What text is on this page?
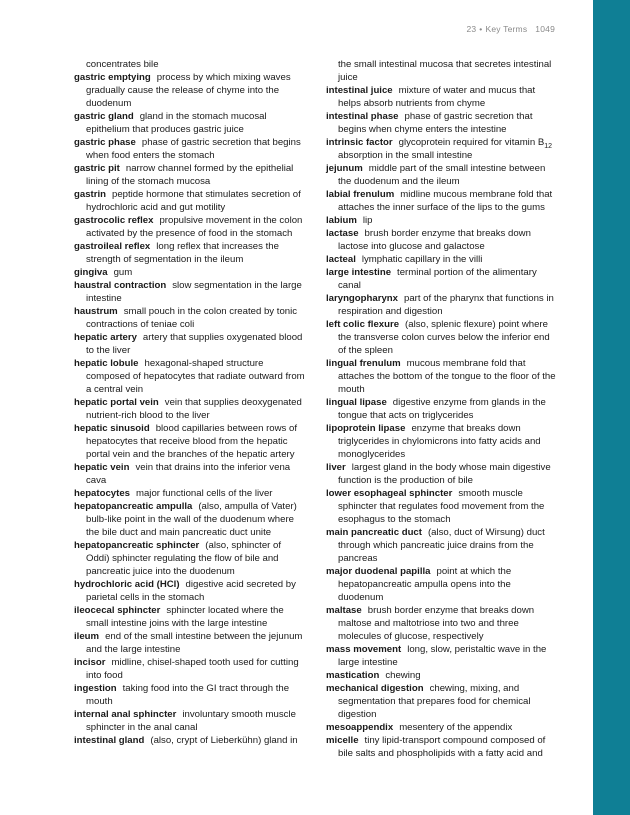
23 • Key Terms 1049

concentrates bile

gastric emptying process by which mixing waves gradually cause the release of chyme into the duodenum

gastric gland gland in the stomach mucosal epithelium that produces gastric juice

gastric phase phase of gastric secretion that begins when food enters the stomach

gastric pit narrow channel formed by the epithelial lining of the stomach mucosa

gastrin peptide hormone that stimulates secretion of hydrochloric acid and gut motility

gastrocolic reflex propulsive movement in the colon activated by the presence of food in the stomach

gastroileal reflex long reflex that increases the strength of segmentation in the ileum

gingiva gum

haustral contraction slow segmentation in the large intestine

haustrum small pouch in the colon created by tonic contractions of teniae coli

hepatic artery artery that supplies oxygenated blood to the liver

hepatic lobule hexagonal-shaped structure composed of hepatocytes that radiate outward from a central vein

hepatic portal vein vein that supplies deoxygenated nutrient-rich blood to the liver

hepatic sinusoid blood capillaries between rows of hepatocytes that receive blood from the hepatic portal vein and the branches of the hepatic artery

hepatic vein vein that drains into the inferior vena cava

hepatocytes major functional cells of the liver

hepatopancreatic ampulla (also, ampulla of Vater) bulb-like point in the wall of the duodenum where the bile duct and main pancreatic duct unite

hepatopancreatic sphincter (also, sphincter of Oddi) sphincter regulating the flow of bile and pancreatic juice into the duodenum

hydrochloric acid (HCl) digestive acid secreted by parietal cells in the stomach

ileocecal sphincter sphincter located where the small intestine joins with the large intestine

ileum end of the small intestine between the jejunum and the large intestine

incisor midline, chisel-shaped tooth used for cutting into food

ingestion taking food into the GI tract through the mouth

internal anal sphincter involuntary smooth muscle sphincter in the anal canal

intestinal gland (also, crypt of Lieberkühn) gland in

the small intestinal mucosa that secretes intestinal juice

intestinal juice mixture of water and mucus that helps absorb nutrients from chyme

intestinal phase phase of gastric secretion that begins when chyme enters the intestine

intrinsic factor glycoprotein required for vitamin $B_{12}$ absorption in the small intestine

jejunum middle part of the small intestine between the duodenum and the ileum

labial frenulum midline mucous membrane fold that attaches the inner surface of the lips to the gums

labium lip

lactase brush border enzyme that breaks down lactose into glucose and galactose

lacteal lymphatic capillary in the villi

large intestine terminal portion of the alimentary canal

laryngopharynx part of the pharynx that functions in respiration and digestion

left colic flexure (also, splenic flexure) point where the transverse colon curves below the inferior end of the spleen

lingual frenulum mucous membrane fold that attaches the bottom of the tongue to the floor of the mouth

lingual lipase digestive enzyme from glands in the tongue that acts on triglycerides

lipoprotein lipase enzyme that breaks down triglycerides in chylomicrons into fatty acids and monoglycerides

liver largest gland in the body whose main digestive function is the production of bile

lower esophageal sphincter smooth muscle sphincter that regulates food movement from the esophagus to the stomach

main pancreatic duct (also, duct of Wirsung) duct through which pancreatic juice drains from the pancreas

major duodenal papilla point at which the hepatopancreatic ampulla opens into the duodenum

maltase brush border enzyme that breaks down maltose and maltotriose into two and three molecules of glucose, respectively

mass movement long, slow, peristaltic wave in the large intestine

mastication chewing

mechanical digestion chewing, mixing, and segmentation that prepares food for chemical digestion

mesoappendix mesentery of the appendix

micelle tiny lipid-transport compound composed of bile salts and phospholipids with a fatty acid and
